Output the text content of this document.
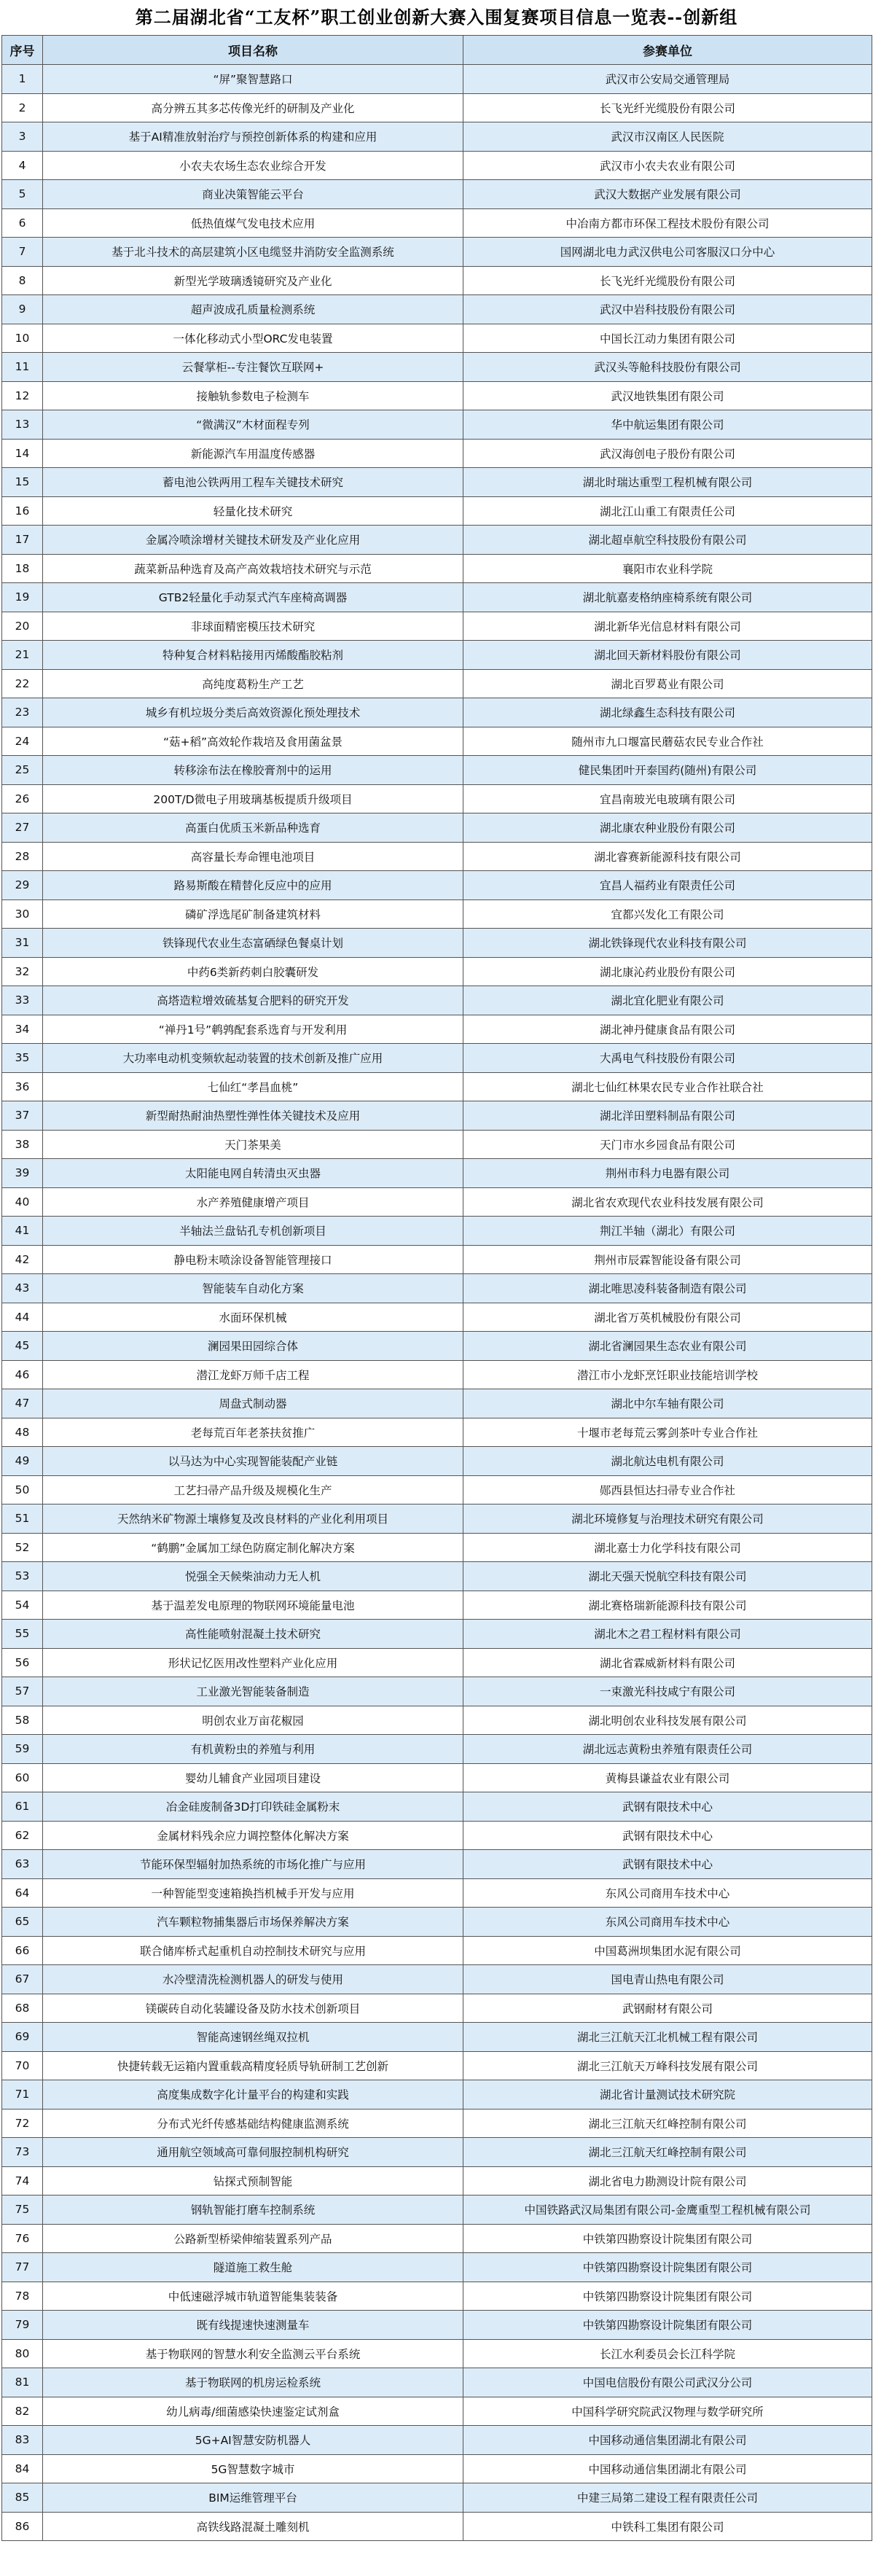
第二届湖北省“工友杯”职工创业创新大赛入围复赛项目信息一览表--创新组
序号	项目名称	参赛单位
1	“屏”聚智慧路口	武汉市公安局交通管理局
2	高分辨五其多芯传像光纤的研制及产业化	长飞光纤光缆股份有限公司
3	基于AI精准放射治疗与预控创新体系的构建和应用	武汉市汉南区人民医院
4	小农夫农场生态农业综合开发	武汉市小农夫农业有限公司
5	商业决策智能云平台	武汉大数据产业发展有限公司
6	低热值煤气发电技术应用	中冶南方都市环保工程技术股份有限公司
7	基于北斗技术的高层建筑小区电缆竖井消防安全监测系统	国网湖北电力武汉供电公司客服汉口分中心
8	新型光学玻璃透镜研究及产业化	长飞光纤光缆股份有限公司
9	超声波成孔质量检测系统	武汉中岩科技股份有限公司
10	一体化移动式小型ORC发电装置	中国长江动力集团有限公司
11	云餐掌柜--专注餐饮互联网+	武汉头等舱科技股份有限公司
12	接触轨参数电子检测车	武汉地铁集团有限公司
13	“微满汉”木材面程专列	华中航运集团有限公司
14	新能源汽车用温度传感器	武汉海创电子股份有限公司
15	蓄电池公铁两用工程车关键技术研究	湖北时瑞达重型工程机械有限公司
16	轻量化技术研究	湖北江山重工有限责任公司
17	金属冷喷涂增材关键技术研发及产业化应用	湖北超卓航空科技股份有限公司
18	蔬菜新品种选育及高产高效栽培技术研究与示范	襄阳市农业科学院
19	GTB2轻量化手动泵式汽车座椅高调器	湖北航嘉麦格纳座椅系统有限公司
20	非球面精密模压技术研究	湖北新华光信息材料有限公司
21	特种复合材料粘接用丙烯酸酯胶粘剂	湖北回天新材料股份有限公司
22	高纯度葛粉生产工艺	湖北百罗葛业有限公司
23	城乡有机垃圾分类后高效资源化预处理技术	湖北绿鑫生态科技有限公司
24	“菇+稻”高效轮作栽培及食用菌盆景	随州市九口堰富民蘑菇农民专业合作社
25	转移涂布法在橡胶膏剂中的运用	健民集团叶开泰国药(随州)有限公司
26	200T/D微电子用玻璃基板提质升级项目	宜昌南玻光电玻璃有限公司
27	高蛋白优质玉米新品种选育	湖北康农种业股份有限公司
28	高容量长寿命锂电池项目	湖北睿赛新能源科技有限公司
29	路易斯酸在精替化反应中的应用	宜昌人福药业有限责任公司
30	磷矿浮选尾矿制备建筑材料	宜都兴发化工有限公司
31	铁锋现代农业生态富硒绿色餐桌计划	湖北铁锋现代农业科技有限公司
32	中药6类新药刺白胶囊研发	湖北康沁药业股份有限公司
33	高塔造粒增效硫基复合肥料的研究开发	湖北宜化肥业有限公司
34	“禅丹1号”鹌鹑配套系选育与开发利用	湖北神丹健康食品有限公司
35	大功率电动机变频软起动装置的技术创新及推广应用	大禹电气科技股份有限公司
36	七仙红“孝昌血桃”	湖北七仙红林果农民专业合作社联合社
37	新型耐热耐油热塑性弹性体关键技术及应用	湖北洋田塑料制品有限公司
38	天门茶果美	天门市水乡园食品有限公司
39	太阳能电网自转清虫灭虫器	荆州市科力电器有限公司
40	水产养殖健康增产项目	湖北省农欢现代农业科技发展有限公司
41	半轴法兰盘钻孔专机创新项目	荆江半轴（湖北）有限公司
42	静电粉末喷涂设备智能管理接口	荆州市辰霖智能设备有限公司
43	智能装车自动化方案	湖北唯思凌科装备制造有限公司
44	水面环保机械	湖北省万英机械股份有限公司
45	澜园果田园综合体	湖北省澜园果生态农业有限公司
46	潜江龙虾万师千店工程	潜江市小龙虾烹饪职业技能培训学校
47	周盘式制动器	湖北中尔车轴有限公司
48	老每荒百年老茶扶贫推广	十堰市老每荒云雾剑茶叶专业合作社
49	以马达为中心实现智能装配产业链	湖北航达电机有限公司
50	工艺扫帚产品升级及规模化生产	郧西县恒达扫帚专业合作社
51	天然纳米矿物源土壤修复及改良材料的产业化利用项目	湖北环境修复与治理技术研究有限公司
52	“鹤鹏”金属加工绿色防腐定制化解决方案	湖北嘉士力化学科技有限公司
53	悦强全天候柴油动力无人机	湖北天强天悦航空科技有限公司
54	基于温差发电原理的物联网环境能量电池	湖北赛格瑞新能源科技有限公司
55	高性能喷射混凝土技术研究	湖北木之君工程材料有限公司
56	形状记忆医用改性塑料产业化应用	湖北省霖威新材料有限公司
57	工业激光智能装备制造	一束激光科技咸宁有限公司
58	明创农业万亩花椒园	湖北明创农业科技发展有限公司
59	有机黄粉虫的养殖与利用	湖北远志黄粉虫养殖有限责任公司
60	婴幼儿辅食产业园项目建设	黄梅县谦益农业有限公司
61	冶金硅废制备3D打印铁硅金属粉末	武钢有限技术中心
62	金属材料残余应力调控整体化解决方案	武钢有限技术中心
63	节能环保型辐射加热系统的市场化推广与应用	武钢有限技术中心
64	一种智能型变速箱换挡机械手开发与应用	东风公司商用车技术中心
65	汽车颗粒物捕集器后市场保养解决方案	东风公司商用车技术中心
66	联合储库桥式起重机自动控制技术研究与应用	中国葛洲坝集团水泥有限公司
67	水冷壁清洗检测机器人的研发与使用	国电青山热电有限公司
68	镁碳砖自动化装罐设备及防水技术创新项目	武钢耐材有限公司
69	智能高速钢丝绳双拉机	湖北三江航天江北机械工程有限公司
70	快捷转载无运箱内置重载高精度轻质导轨研制工艺创新	湖北三江航天万峰科技发展有限公司
71	高度集成数字化计量平台的构建和实践	湖北省计量测试技术研究院
72	分布式光纤传感基础结构健康监测系统	湖北三江航天红峰控制有限公司
73	通用航空领域高可靠伺服控制机构研究	湖北三江航天红峰控制有限公司
74	钻探式预制智能	湖北省电力勘测设计院有限公司
75	钢轨智能打磨车控制系统	中国铁路武汉局集团有限公司-金鹰重型工程机械有限公司
76	公路新型桥梁伸缩装置系列产品	中铁第四勘察设计院集团有限公司
77	隧道施工救生舱	中铁第四勘察设计院集团有限公司
78	中低速磁浮城市轨道智能集装装备	中铁第四勘察设计院集团有限公司
79	既有线提速快速测量车	中铁第四勘察设计院集团有限公司
80	基于物联网的智慧水利安全监测云平台系统	长江水利委员会长江科学院
81	基于物联网的机房运检系统	中国电信股份有限公司武汉分公司
82	幼儿病毒/细菌感染快速鉴定试剂盒	中国科学研究院武汉物理与数学研究所
83	5G+AI智慧安防机器人	中国移动通信集团湖北有限公司
84	5G智慧数字城市	中国移动通信集团湖北有限公司
85	BIM运维管理平台	中建三局第二建设工程有限责任公司
86	高铁线路混凝土雕刻机	中铁科工集团有限公司
